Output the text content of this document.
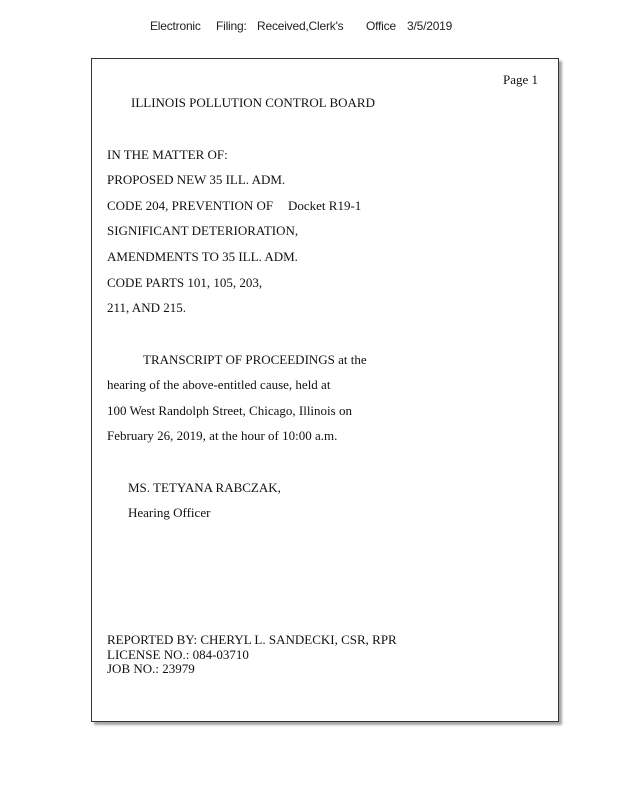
Electronic Filing: Received,Clerk's Office 3/5/2019
Page 1
ILLINOIS POLLUTION CONTROL BOARD
IN THE MATTER OF:
PROPOSED NEW 35 ILL. ADM.
CODE 204, PREVENTION OF Docket R19-1
SIGNIFICANT DETERIORATION,
AMENDMENTS TO 35 ILL. ADM.
CODE PARTS 101, 105, 203,
211, AND 215.
TRANSCRIPT OF PROCEEDINGS at the
hearing of the above-entitled cause, held at
100 West Randolph Street, Chicago, Illinois on
February 26, 2019, at the hour of 10:00 a.m.
MS. TETYANA RABCZAK,
Hearing Officer
REPORTED BY: CHERYL L. SANDECKI, CSR, RPR
LICENSE NO.: 084-03710
JOB NO.: 23979
